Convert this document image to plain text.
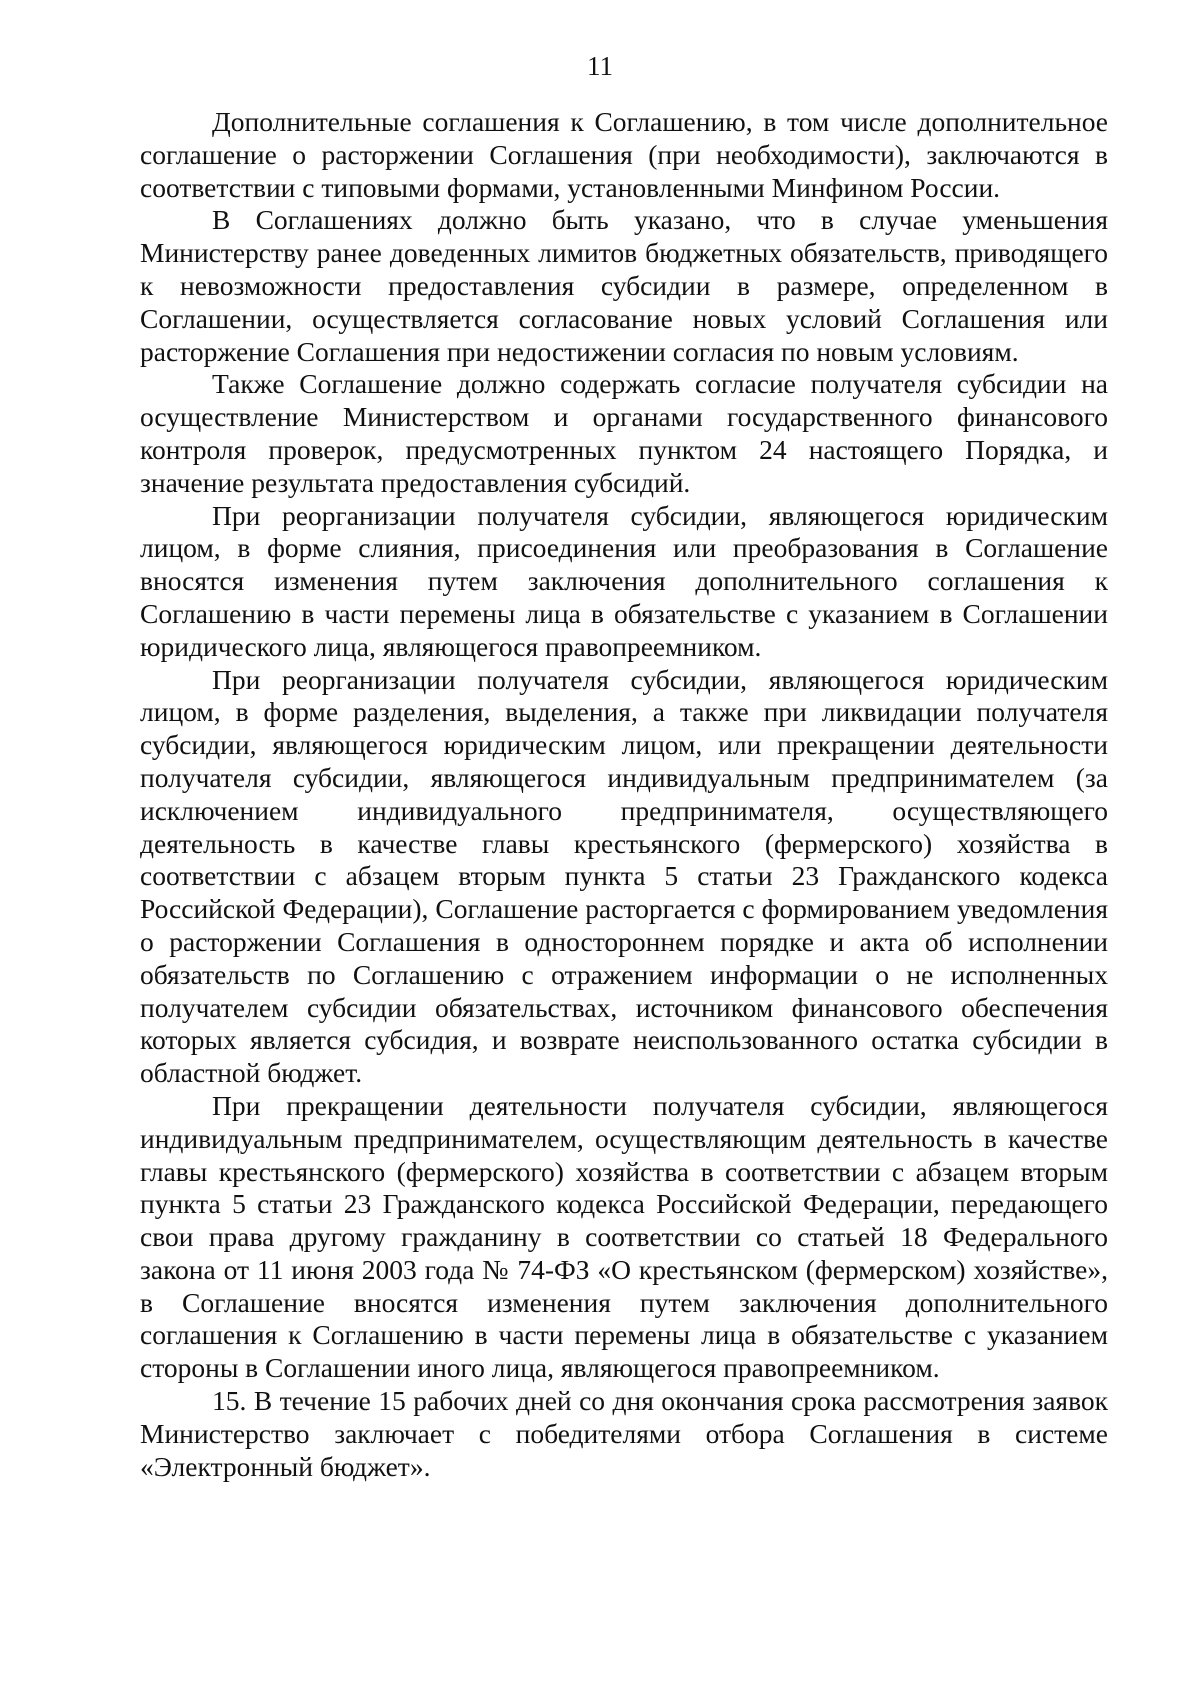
11

Дополнительные соглашения к Соглашению, в том числе дополнительное соглашение о расторжении Соглашения (при необходимости), заключаются в соответствии с типовыми формами, установленными Минфином России.

В Соглашениях должно быть указано, что в случае уменьшения Министерству ранее доведенных лимитов бюджетных обязательств, приводящего к невозможности предоставления субсидии в размере, определенном в Соглашении, осуществляется согласование новых условий Соглашения или расторжение Соглашения при недостижении согласия по новым условиям.

Также Соглашение должно содержать согласие получателя субсидии на осуществление Министерством и органами государственного финансового контроля проверок, предусмотренных пунктом 24 настоящего Порядка, и значение результата предоставления субсидий.

При реорганизации получателя субсидии, являющегося юридическим лицом, в форме слияния, присоединения или преобразования в Соглашение вносятся изменения путем заключения дополнительного соглашения к Соглашению в части перемены лица в обязательстве с указанием в Соглашении юридического лица, являющегося правопреемником.

При реорганизации получателя субсидии, являющегося юридическим лицом, в форме разделения, выделения, а также при ликвидации получателя субсидии, являющегося юридическим лицом, или прекращении деятельности получателя субсидии, являющегося индивидуальным предпринимателем (за исключением индивидуального предпринимателя, осуществляющего деятельность в качестве главы крестьянского (фермерского) хозяйства в соответствии с абзацем вторым пункта 5 статьи 23 Гражданского кодекса Российской Федерации), Соглашение расторгается с формированием уведомления о расторжении Соглашения в одностороннем порядке и акта об исполнении обязательств по Соглашению с отражением информации о не исполненных получателем субсидии обязательствах, источником финансового обеспечения которых является субсидия, и возврате неиспользованного остатка субсидии в областной бюджет.

При прекращении деятельности получателя субсидии, являющегося индивидуальным предпринимателем, осуществляющим деятельность в качестве главы крестьянского (фермерского) хозяйства в соответствии с абзацем вторым пункта 5 статьи 23 Гражданского кодекса Российской Федерации, передающего свои права другому гражданину в соответствии со статьей 18 Федерального закона от 11 июня 2003 года № 74-ФЗ «О крестьянском (фермерском) хозяйстве», в Соглашение вносятся изменения путем заключения дополнительного соглашения к Соглашению в части перемены лица в обязательстве с указанием стороны в Соглашении иного лица, являющегося правопреемником.

15. В течение 15 рабочих дней со дня окончания срока рассмотрения заявок Министерство заключает с победителями отбора Соглашения в системе «Электронный бюджет».
